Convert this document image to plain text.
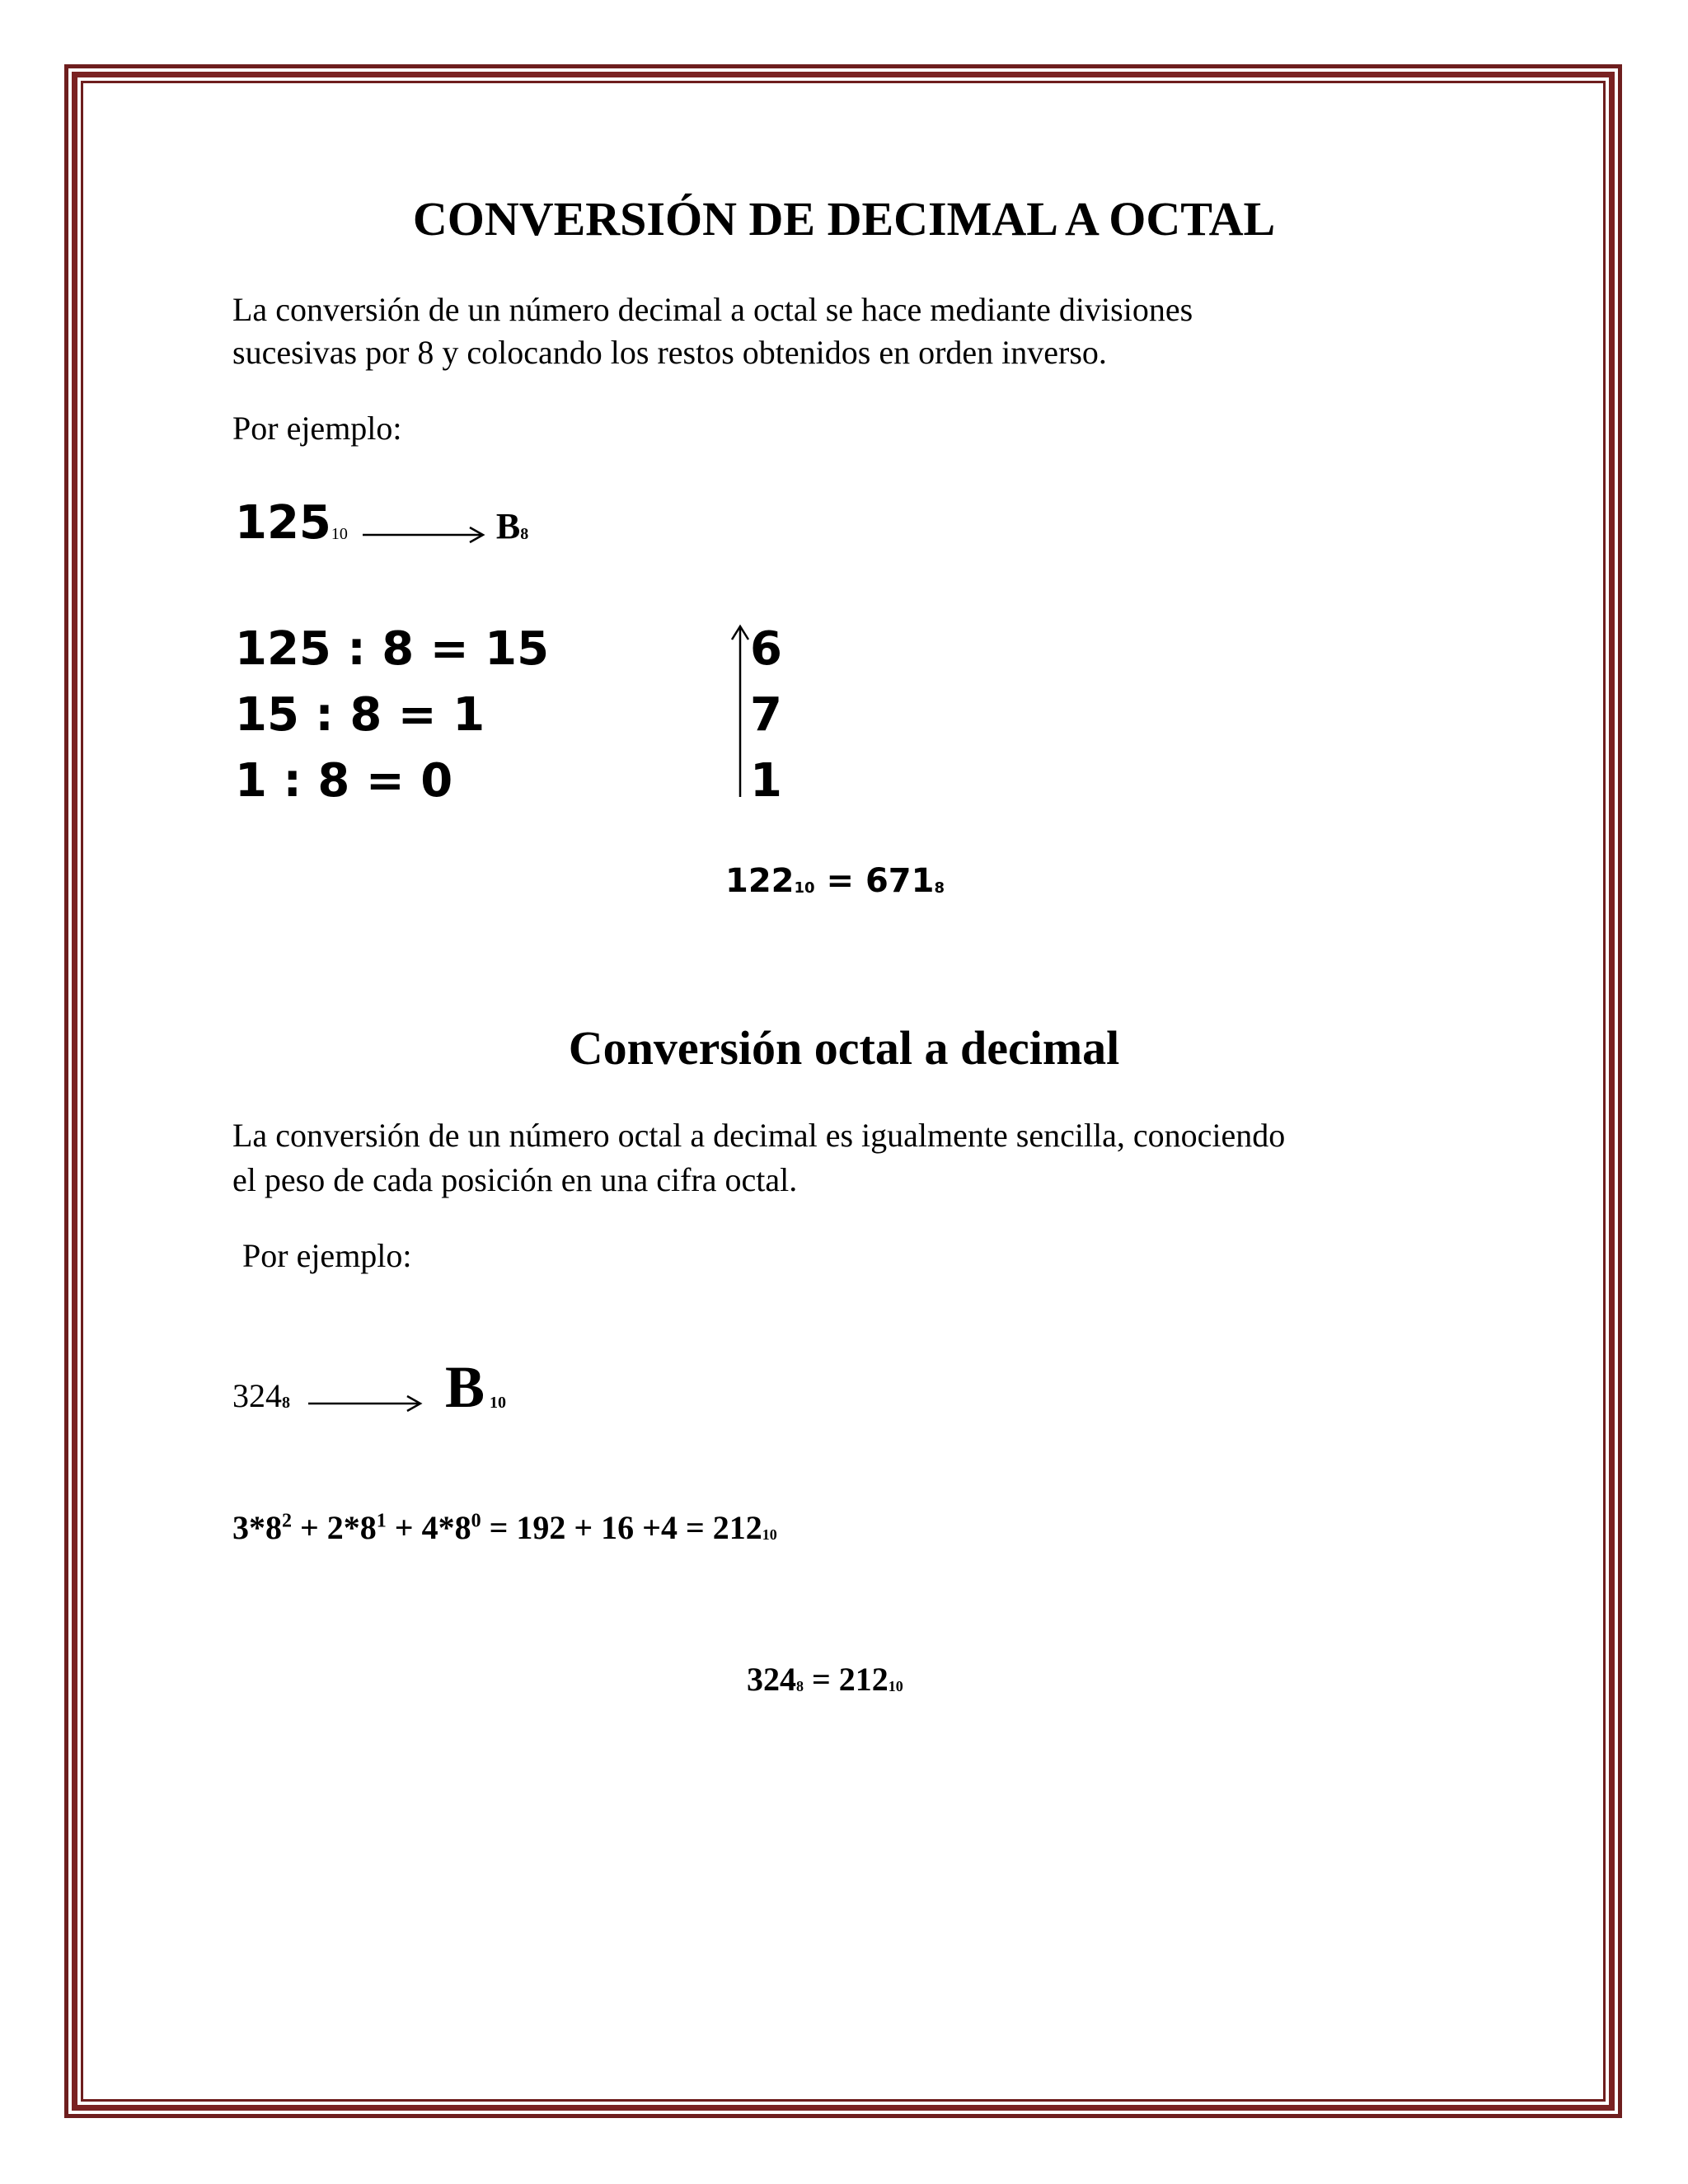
CONVERSIÓN DE DECIMAL A OCTAL
La conversión de un número decimal a octal se hace mediante divisiones
sucesivas por 8 y colocando los restos obtenidos en orden inverso.
Por ejemplo:
$125_{10}$	$B_8$
125 : 8 = 15
15 : 8 = 1
1 : 8 = 0
6
7
1
$122_{10} = 671_8$
Conversión octal a decimal
La conversión de un número octal a decimal es igualmente sencilla, conociendo
el peso de cada posición en una cifra octal.
Por ejemplo:
$324_8$	B $_{10}$
$3*8^2 + 2*8^1 + 4*8^0 = 192 + 16 +4 = 212_{10}$
$324_8 = 212_{10}$
